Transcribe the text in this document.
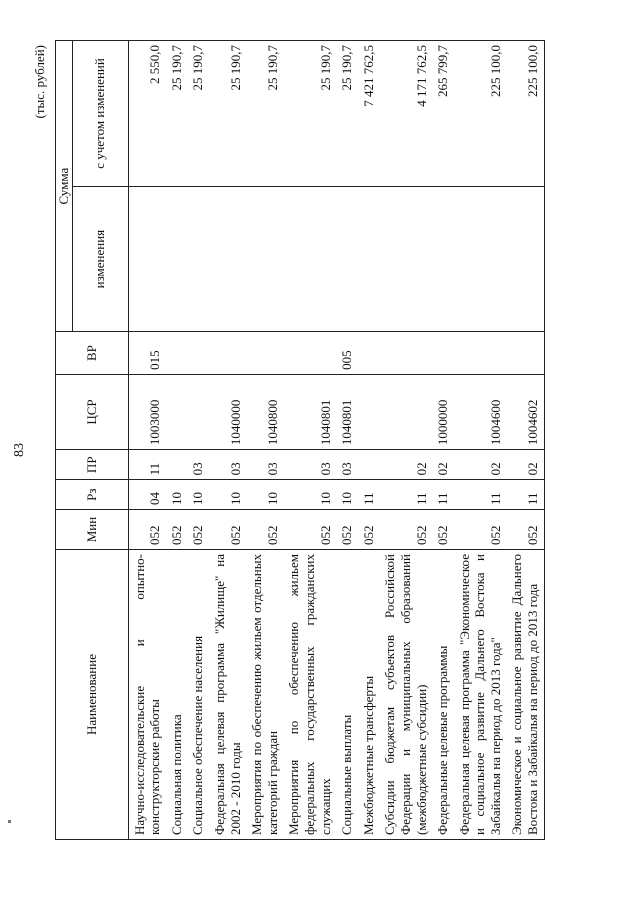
83
(тыс. рублей)
Наименование	Мин	Рз	ПР	ЦСР	ВР	Сумма	
						изменения	с учетом изменений
Научно-исследовательские и опытно-конструкторские работы	052	04	11	1003000	015		2 550,0
Социальная политика	052	10					25 190,7
Социальное обеспечение населения	052	10	03				25 190,7
Федеральная целевая программа "Жилище" на 2002 - 2010 годы	052	10	03	1040000			25 190,7
Мероприятия по обеспечению жильем отдельных категорий граждан	052	10	03	1040800			25 190,7
Мероприятия по обеспечению жильем федеральных государственных гражданских служащих	052	10	03	1040801			25 190,7
Социальные выплаты	052	10	03	1040801	005		25 190,7
Межбюджетные трансферты	052	11					7 421 762,5
Субсидии бюджетам субъектов Российской Федерации и муниципальных образований (межбюджетные субсидии)	052	11	02				4 171 762,5
Федеральные целевые программы	052	11	02	1000000			265 799,7
Федеральная целевая программа "Экономическое и социальное развитие Дальнего Востока и Забайкалья на период до 2013 года"	052	11	02	1004600			225 100,0
Экономическое и социальное развитие Дальнего Востока и Забайкалья на период до 2013 года	052	11	02	1004602			225 100,0
